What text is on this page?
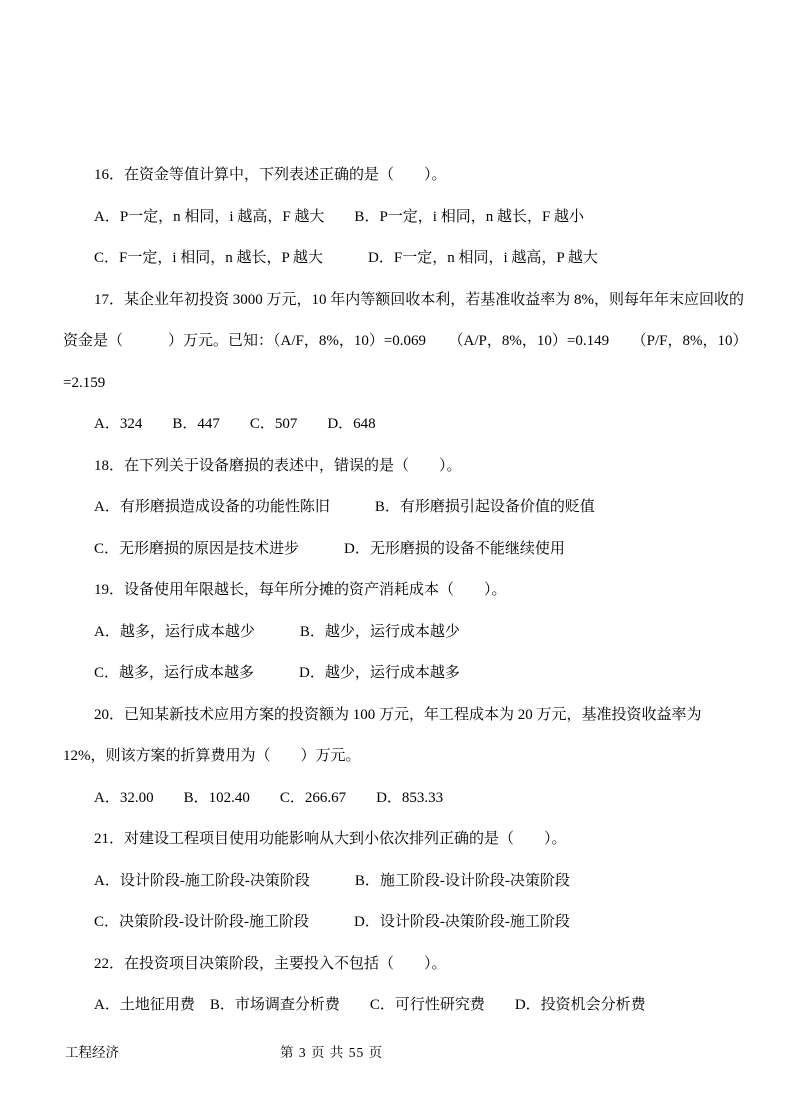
16．在资金等值计算中，下列表述正确的是（　　）。
A．P一定，n 相同，i 越高，F 越大　　B．P一定，i 相同，n 越长，F 越小
C．F一定，i 相同，n 越长，P 越大　　　D．F一定，n 相同，i 越高，P 越大
17．某企业年初投资 3000 万元，10 年内等额回收本利，若基准收益率为 8%，则每年年末应回收的
资金是（　　　）万元。已知：（A/F，8%，10）=0.069　　（A/P，8%，10）=0.149　　（P/F，8%，10）
=2.159
A．324　　B．447　　C．507　　D．648
18．在下列关于设备磨损的表述中，错误的是（　　）。
A．有形磨损造成设备的功能性陈旧　　　B．有形磨损引起设备价值的贬值
C．无形磨损的原因是技术进步　　　D．无形磨损的设备不能继续使用
19．设备使用年限越长，每年所分摊的资产消耗成本（　　）。
A．越多，运行成本越少　　　B．越少，运行成本越少
C．越多，运行成本越多　　　D．越少，运行成本越多
20．已知某新技术应用方案的投资额为 100 万元，年工程成本为 20 万元，基准投资收益率为
12%，则该方案的折算费用为（　　）万元。
A．32.00　　B．102.40　　C．266.67　　D．853.33
21．对建设工程项目使用功能影响从大到小依次排列正确的是（　　）。
A．设计阶段-施工阶段-决策阶段　　　B．施工阶段-设计阶段-决策阶段
C．决策阶段-设计阶段-施工阶段　　　D．设计阶段-决策阶段-施工阶段
22．在投资项目决策阶段，主要投入不包括（　　）。
A．土地征用费　B．市场调查分析费　　C．可行性研究费　　D．投资机会分析费
工程经济	第 3 页 共 55 页
